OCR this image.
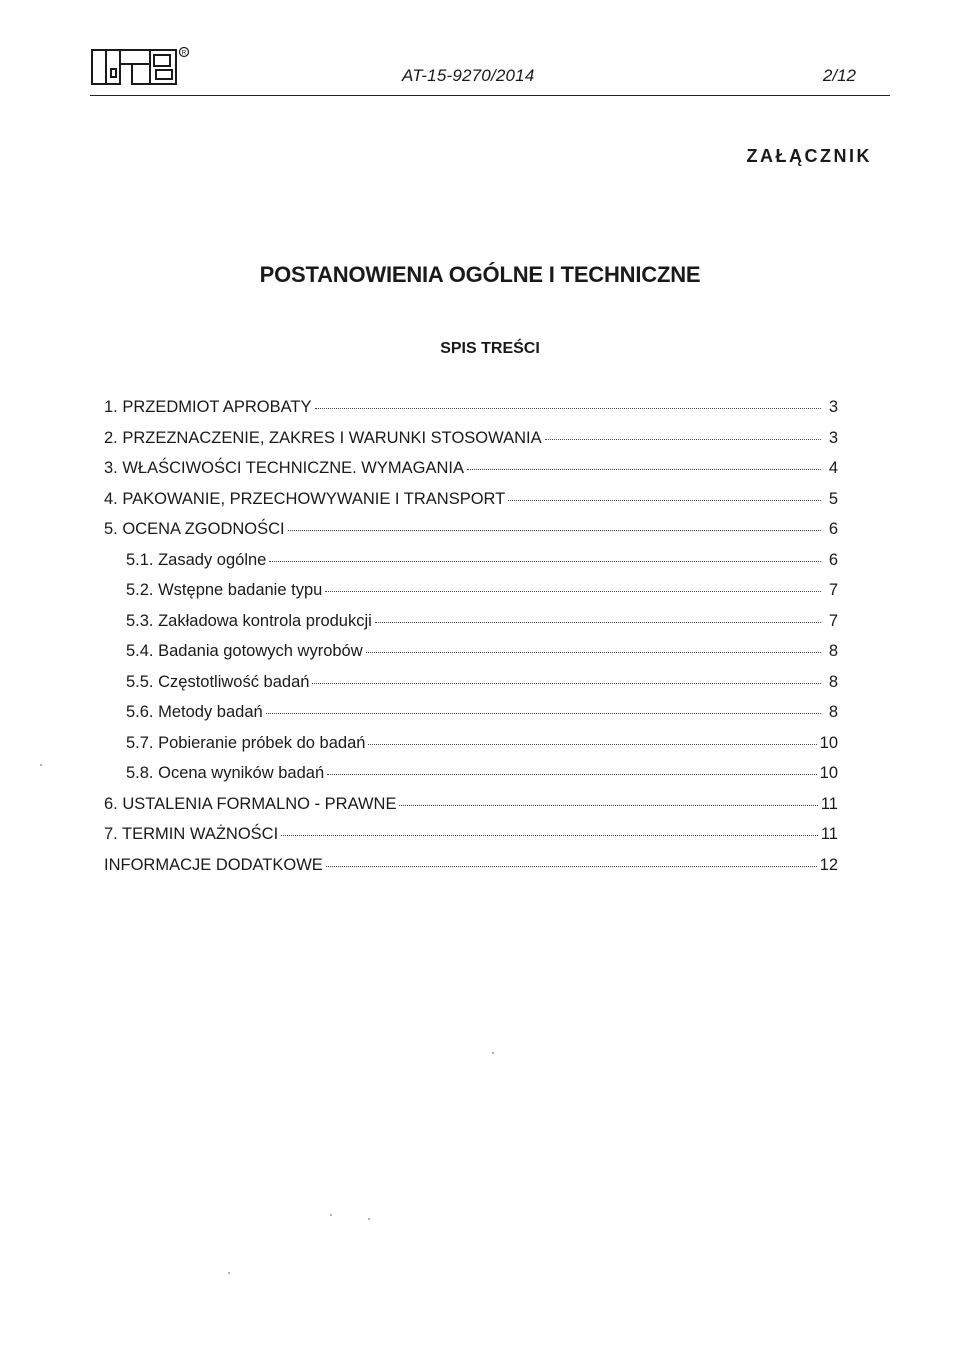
R
AT-15-9270/2014	2/12
ZAŁĄCZNIK
POSTANOWIENIA OGÓLNE I TECHNICZNE
SPIS TREŚCI
1. PRZEDMIOT APROBATY	3
2. PRZEZNACZENIE, ZAKRES I WARUNKI STOSOWANIA	3
3. WŁAŚCIWOŚCI TECHNICZNE. WYMAGANIA	4
4. PAKOWANIE, PRZECHOWYWANIE I TRANSPORT	5
5. OCENA ZGODNOŚCI	6
5.1. Zasady ogólne	6
5.2. Wstępne badanie typu	7
5.3. Zakładowa kontrola produkcji	7
5.4. Badania gotowych wyrobów	8
5.5. Częstotliwość badań	8
5.6. Metody badań	8
5.7. Pobieranie próbek do badań	10
5.8. Ocena wyników badań	10
6. USTALENIA FORMALNO - PRAWNE	11
7. TERMIN WAŻNOŚCI	11
INFORMACJE DODATKOWE	12
